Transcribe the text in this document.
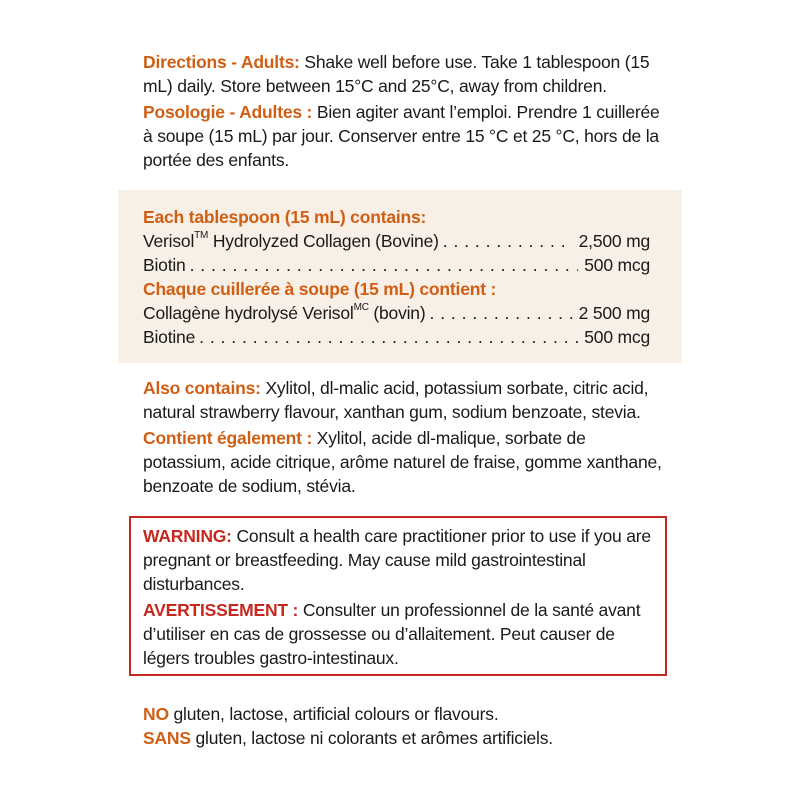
Directions - Adults: Shake well before use. Take 1 tablespoon (15 mL) daily. Store between 15°C and 25°C, away from children.

Posologie - Adultes : Bien agiter avant l’emploi. Prendre 1 cuillerée à soupe (15 mL) par jour. Conserver entre 15 °C et 25 °C, hors de la portée des enfants.

Each tablespoon (15 mL) contains:
Verisol™ Hydrolyzed Collagen (Bovine) . . .	2,500 mg
Biotin . . .	500 mcg
Chaque cuillerée à soupe (15 mL) contient :
Collagène hydrolysé Verisol$^{MC}$ (bovin) . . .	2 500 mg
Biotine . . .	500 mcg

Also contains: Xylitol, dl-malic acid, potassium sorbate, citric acid, natural strawberry flavour, xanthan gum, sodium benzoate, stevia.

Contient également : Xylitol, acide dl-malique, sorbate de potassium, acide citrique, arôme naturel de fraise, gomme xanthane, benzoate de sodium, stévia.

WARNING: Consult a health care practitioner prior to use if you are pregnant or breastfeeding. May cause mild gastrointestinal disturbances.

AVERTISSEMENT : Consulter un professionnel de la santé avant d’utiliser en cas de grossesse ou d’allaitement. Peut causer de légers troubles gastro-intestinaux.

NO gluten, lactose, artificial colours or flavours.
SANS gluten, lactose ni colorants et arômes artificiels.
